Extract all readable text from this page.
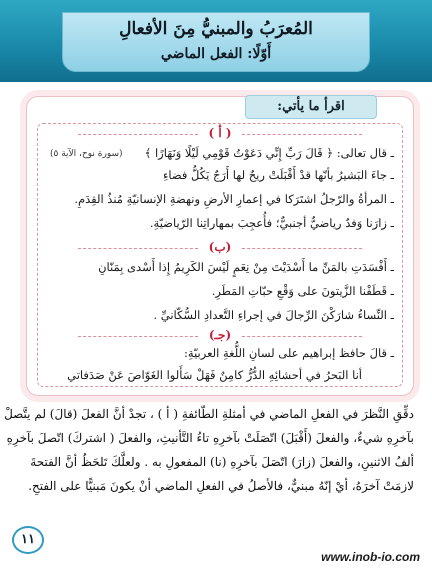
المُعرَبُ والمبنيُّ مِنَ الأفعالِ
أَوّلًا: الفعل الماضي
اقرأ ما يأتي:
( أ )
ـ قال تعالى: ﴿ قَالَ رَبِّ إِنِّي دَعَوْتُ قَوْمِي لَيْلًا وَنَهَارًا ﴾
(سورة نوح، الآية ٥)
ـ جاءَ البَشيرُ بأنّها قدْ أَقْبَلَتْ ريحٌ لها أَرَجٌ يَكُلُّ فضاءِ
ـ المرأةُ والرّجلُ اشتَرَكا في إعمارِ الأرضِ ونهضةِ الإنسانيّةِ مُنذُ القِدَمِ.
ـ زارَنا وَفدٌ رياضيٌّ أجنبيٌّ؛ فأُعجِبَ بمهاراتِنا الرّياضيّةِ.
(ب)
ـ أَفْسَدَتِ بالمَنِّ ما أَسْدَيْتَ مِنْ نِعَمٍ لَيْسَ الكَرِيمُ إِذا أَسْدى بِمَنّانِ
ـ قَطَفْنا الزَّيتونَ على وَقْعِ حبّاتِ المَطَرِ.
ـ النِّساءُ شارَكْنَ الرِّجالَ في إجراءِ التَّعدادِ السُّكّانيِّ .
(جـ)
ـ قالَ حافظ إبراهيم على لسانِ اللُّغةِ العربيّةِ:
أنا البَحرُ في أحشائِهِ الدُّرُّ كامِنٌ فَهَلْ سَأَلوا الغَوّاصَ عَنْ صَدَفاتي
دقِّقِ النَّظرَ في الفعلِ الماضي في أمثلةِ الطّائفةِ ( أ ) ، تجدْ أنَّ الفعلَ (قالَ) لم يتَّصلْ
بآخرِهِ شيءٌ، والفعلَ (أَقْبَلَ) اتّصَلَتْ بآخرِهِ تاءُ التَّأنيثِ، والفعلَ ( اشتركَ) اتّصلَ بآخرِهِ
ألفُ الاثنينِ، والفعلَ (زارَ) اتّصَلَ بآخرِهِ (نا) المفعولِ به . ولعلَّكَ تَلحَظُ أنَّ الفتحةَ
لازمَتْ آخرَهُ، أيْ إنّهُ مبنيٌّ، فالأصلُ في الفعلِ الماضي أنْ يكونَ مَبنيًّا على الفتحِ.
١١
www.inob-io.com
